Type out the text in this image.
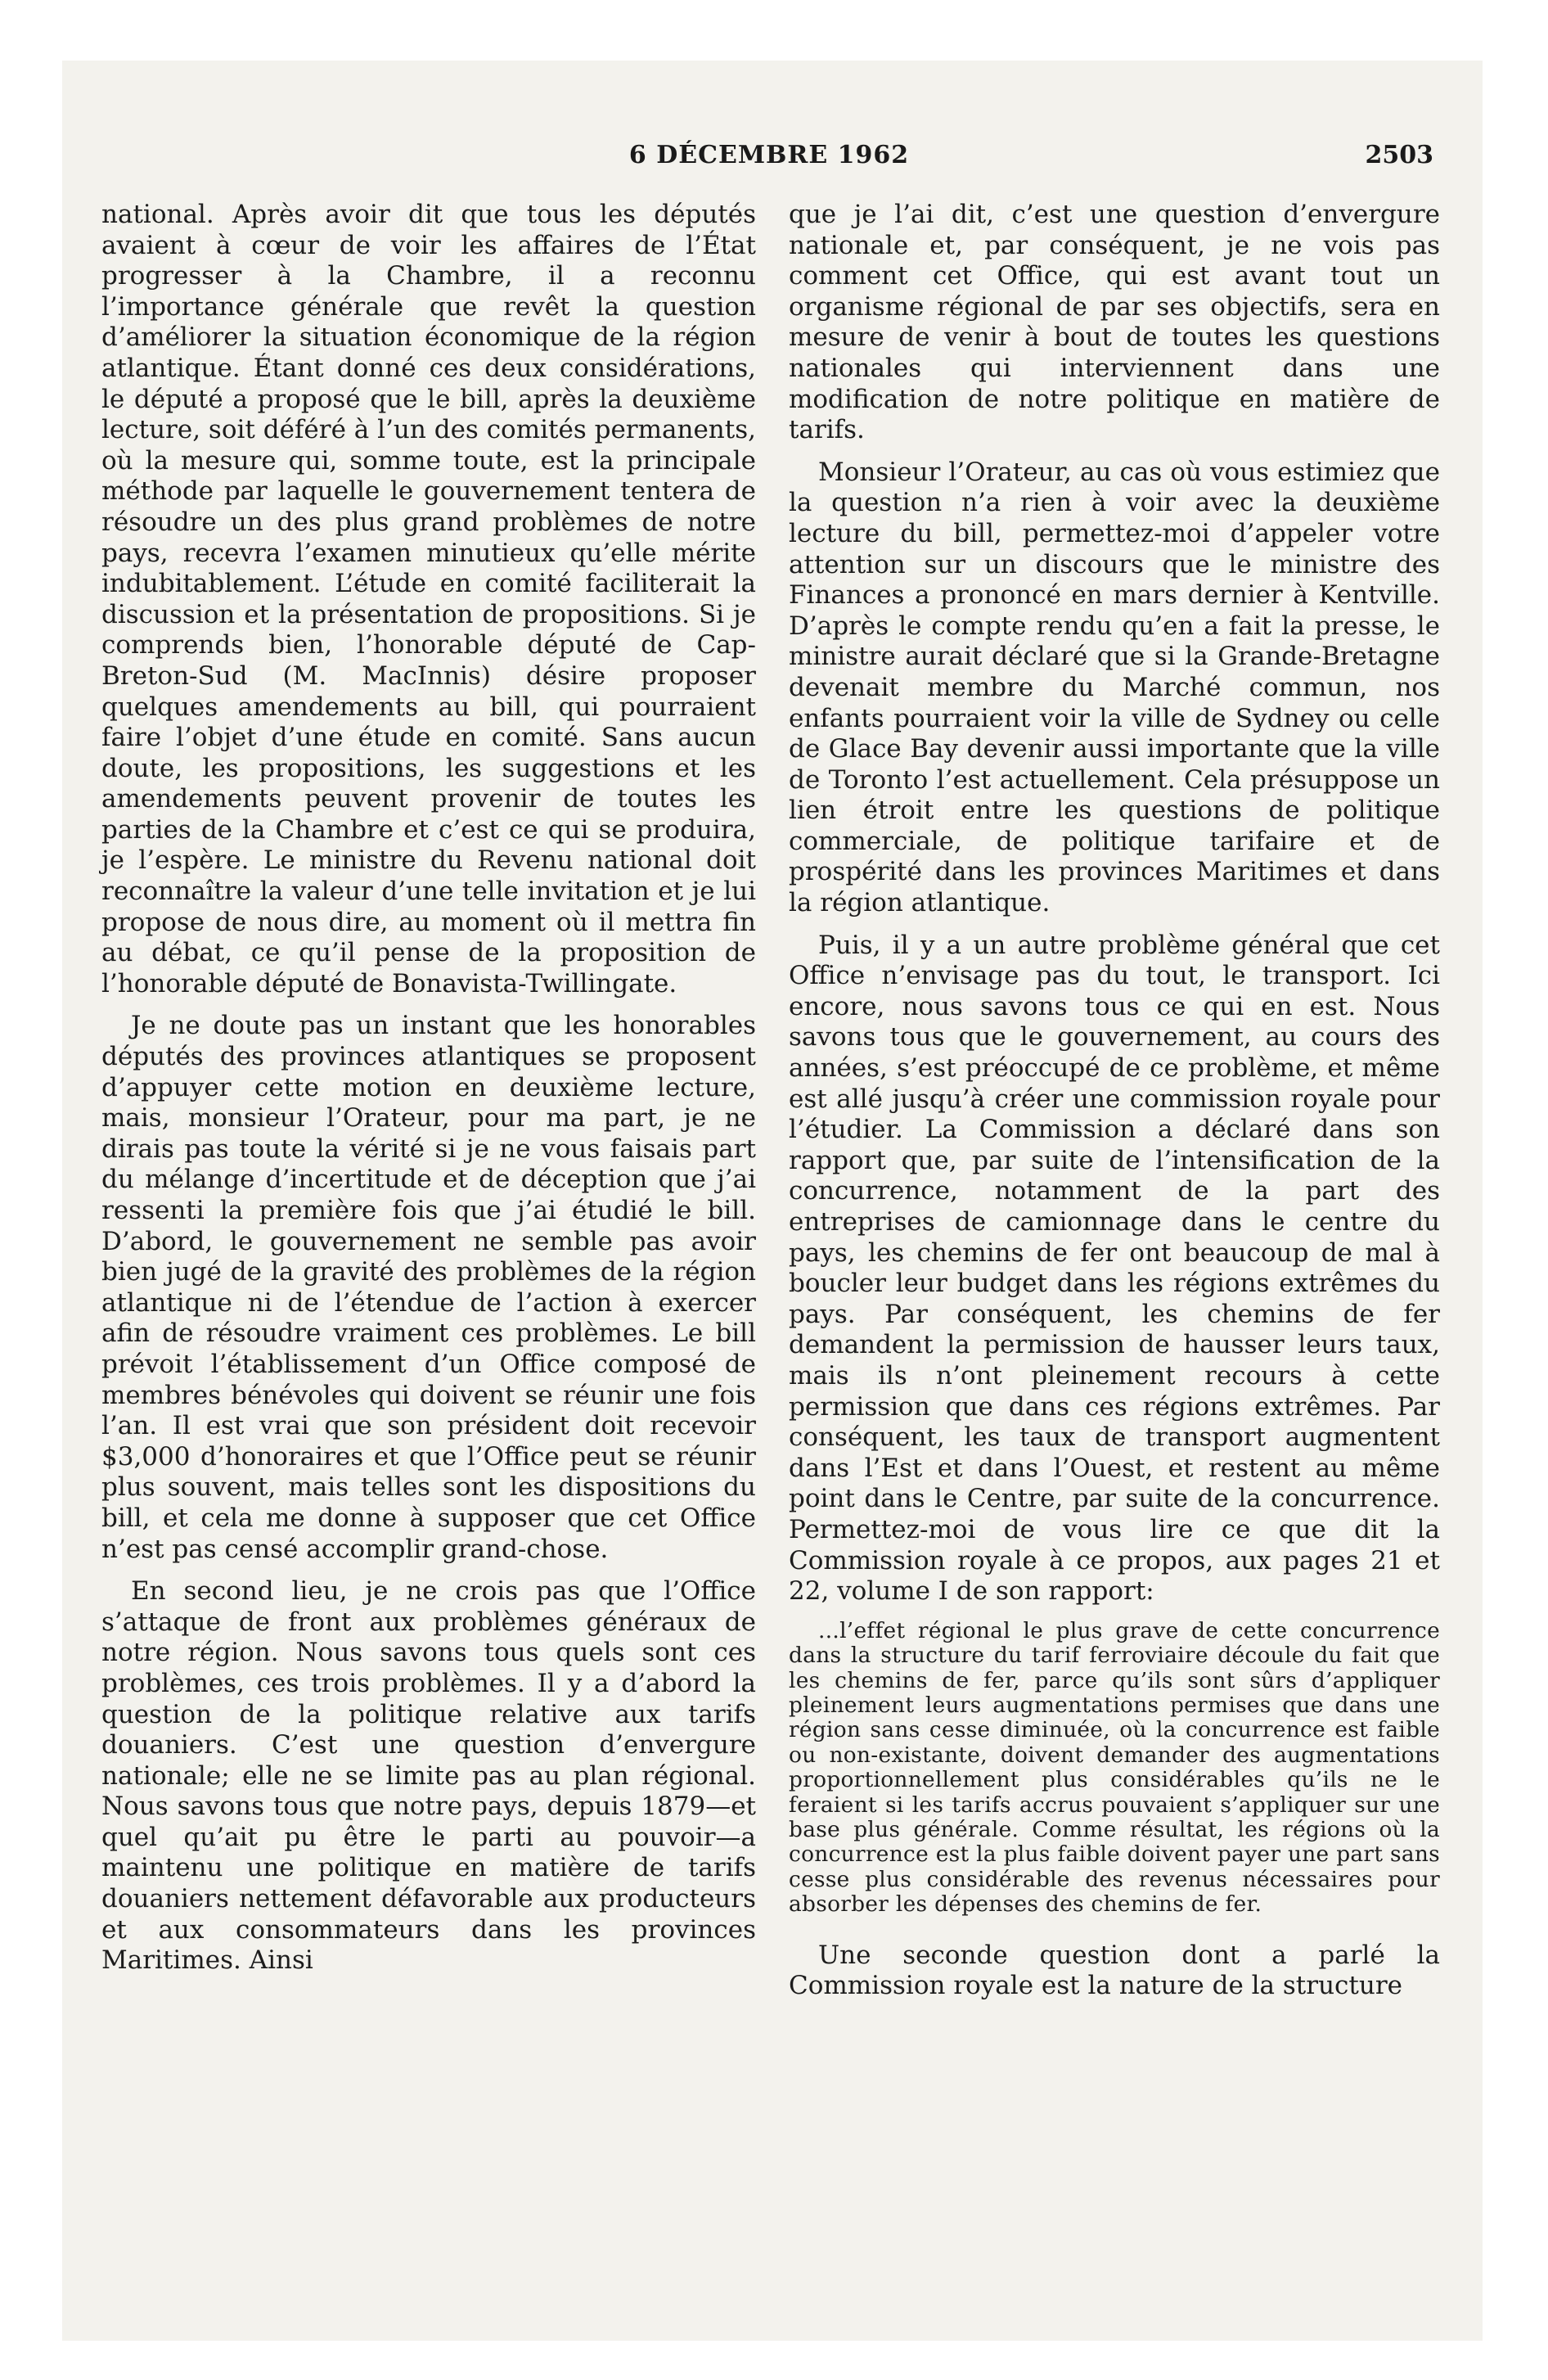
6 DÉCEMBRE 1962	2503

national. Après avoir dit que tous les députés avaient à cœur de voir les affaires de l’État progresser à la Chambre, il a reconnu l’importance générale que revêt la question d’améliorer la situation économique de la région atlantique. Étant donné ces deux considérations, le député a proposé que le bill, après la deuxième lecture, soit déféré à l’un des comités permanents, où la mesure qui, somme toute, est la principale méthode par laquelle le gouvernement tentera de résoudre un des plus grand problèmes de notre pays, recevra l’examen minutieux qu’elle mérite indubitablement. L’étude en comité faciliterait la discussion et la présentation de propositions. Si je comprends bien, l’honorable député de Cap-Breton-Sud (M. MacInnis) désire proposer quelques amendements au bill, qui pourraient faire l’objet d’une étude en comité. Sans aucun doute, les propositions, les suggestions et les amendements peuvent provenir de toutes les parties de la Chambre et c’est ce qui se produira, je l’espère. Le ministre du Revenu national doit reconnaître la valeur d’une telle invitation et je lui propose de nous dire, au moment où il mettra fin au débat, ce qu’il pense de la proposition de l’honorable député de Bonavista-Twillingate.

Je ne doute pas un instant que les honorables députés des provinces atlantiques se proposent d’appuyer cette motion en deuxième lecture, mais, monsieur l’Orateur, pour ma part, je ne dirais pas toute la vérité si je ne vous faisais part du mélange d’incertitude et de déception que j’ai ressenti la première fois que j’ai étudié le bill. D’abord, le gouvernement ne semble pas avoir bien jugé de la gravité des problèmes de la région atlantique ni de l’étendue de l’action à exercer afin de résoudre vraiment ces problèmes. Le bill prévoit l’établissement d’un Office composé de membres bénévoles qui doivent se réunir une fois l’an. Il est vrai que son président doit recevoir $3,000 d’honoraires et que l’Office peut se réunir plus souvent, mais telles sont les dispositions du bill, et cela me donne à supposer que cet Office n’est pas censé accomplir grand-chose.

En second lieu, je ne crois pas que l’Office s’attaque de front aux problèmes généraux de notre région. Nous savons tous quels sont ces problèmes, ces trois problèmes. Il y a d’abord la question de la politique relative aux tarifs douaniers. C’est une question d’envergure nationale; elle ne se limite pas au plan régional. Nous savons tous que notre pays, depuis 1879—et quel qu’ait pu être le parti au pouvoir—a maintenu une politique en matière de tarifs douaniers nettement défavorable aux producteurs et aux consommateurs dans les provinces Maritimes. Ainsi

que je l’ai dit, c’est une question d’envergure nationale et, par conséquent, je ne vois pas comment cet Office, qui est avant tout un organisme régional de par ses objectifs, sera en mesure de venir à bout de toutes les questions nationales qui interviennent dans une modification de notre politique en matière de tarifs.

Monsieur l’Orateur, au cas où vous estimiez que la question n’a rien à voir avec la deuxième lecture du bill, permettez-moi d’appeler votre attention sur un discours que le ministre des Finances a prononcé en mars dernier à Kentville. D’après le compte rendu qu’en a fait la presse, le ministre aurait déclaré que si la Grande-Bretagne devenait membre du Marché commun, nos enfants pourraient voir la ville de Sydney ou celle de Glace Bay devenir aussi importante que la ville de Toronto l’est actuellement. Cela présuppose un lien étroit entre les questions de politique commerciale, de politique tarifaire et de prospérité dans les provinces Maritimes et dans la région atlantique.

Puis, il y a un autre problème général que cet Office n’envisage pas du tout, le transport. Ici encore, nous savons tous ce qui en est. Nous savons tous que le gouvernement, au cours des années, s’est préoccupé de ce problème, et même est allé jusqu’à créer une commission royale pour l’étudier. La Commission a déclaré dans son rapport que, par suite de l’intensification de la concurrence, notamment de la part des entreprises de camionnage dans le centre du pays, les chemins de fer ont beaucoup de mal à boucler leur budget dans les régions extrêmes du pays. Par conséquent, les chemins de fer demandent la permission de hausser leurs taux, mais ils n’ont pleinement recours à cette permission que dans ces régions extrêmes. Par conséquent, les taux de transport augmentent dans l’Est et dans l’Ouest, et restent au même point dans le Centre, par suite de la concurrence. Permettez-moi de vous lire ce que dit la Commission royale à ce propos, aux pages 21 et 22, volume I de son rapport:

...l’effet régional le plus grave de cette concurrence dans la structure du tarif ferroviaire découle du fait que les chemins de fer, parce qu’ils sont sûrs d’appliquer pleinement leurs augmentations permises que dans une région sans cesse diminuée, où la concurrence est faible ou non-existante, doivent demander des augmentations proportionnellement plus considérables qu’ils ne le feraient si les tarifs accrus pouvaient s’appliquer sur une base plus générale. Comme résultat, les régions où la concurrence est la plus faible doivent payer une part sans cesse plus considérable des revenus nécessaires pour absorber les dépenses des chemins de fer.

Une seconde question dont a parlé la Commission royale est la nature de la structure
